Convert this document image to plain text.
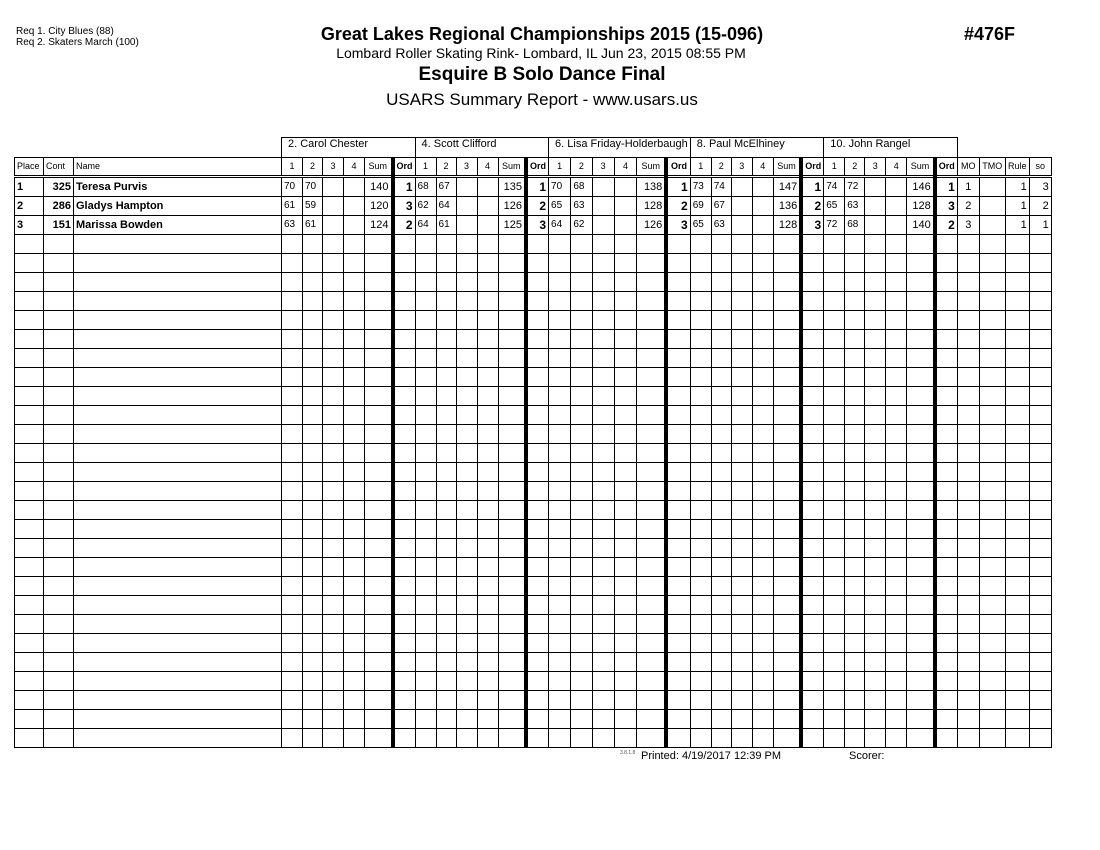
Req 1. City Blues (88)
Req 2. Skaters March (100)	Great Lakes Regional Championships 2015 (15-096)
Lombard Roller Skating Rink- Lombard, IL Jun 23, 2015 08:55 PM
Esquire B Solo Dance Final
USARS Summary Report - www.usars.us
#476F
			2. Carol Chester						4. Scott Clifford						6. Lisa Friday-Holderbaugh						8. Paul McElhiney						10. John Rangel									
Place	Cont	Name	1	2	3	4	Sum	Ord	1	2	3	4	Sum	Ord	1	2	3	4	Sum	Ord	1	2	3	4	Sum	Ord	1	2	3	4	Sum	Ord	MO	TMO	Rule	so
1	325	Teresa Purvis	70	70			140	1	68	67			135	1	70	68			138	1	73	74			147	1	74	72			146	1	1		1	3
2	286	Gladys Hampton	61	59			120	3	62	64			126	2	65	63			128	2	69	67			136	2	65	63			128	3	2		1	2
3	151	Marissa Bowden	63	61			124	2	64	61			125	3	64	62			126	3	65	63			128	3	72	68			140	2	3		1	1

3.8.1.8 Printed: 4/19/2017 12:39 PM	Scorer:
